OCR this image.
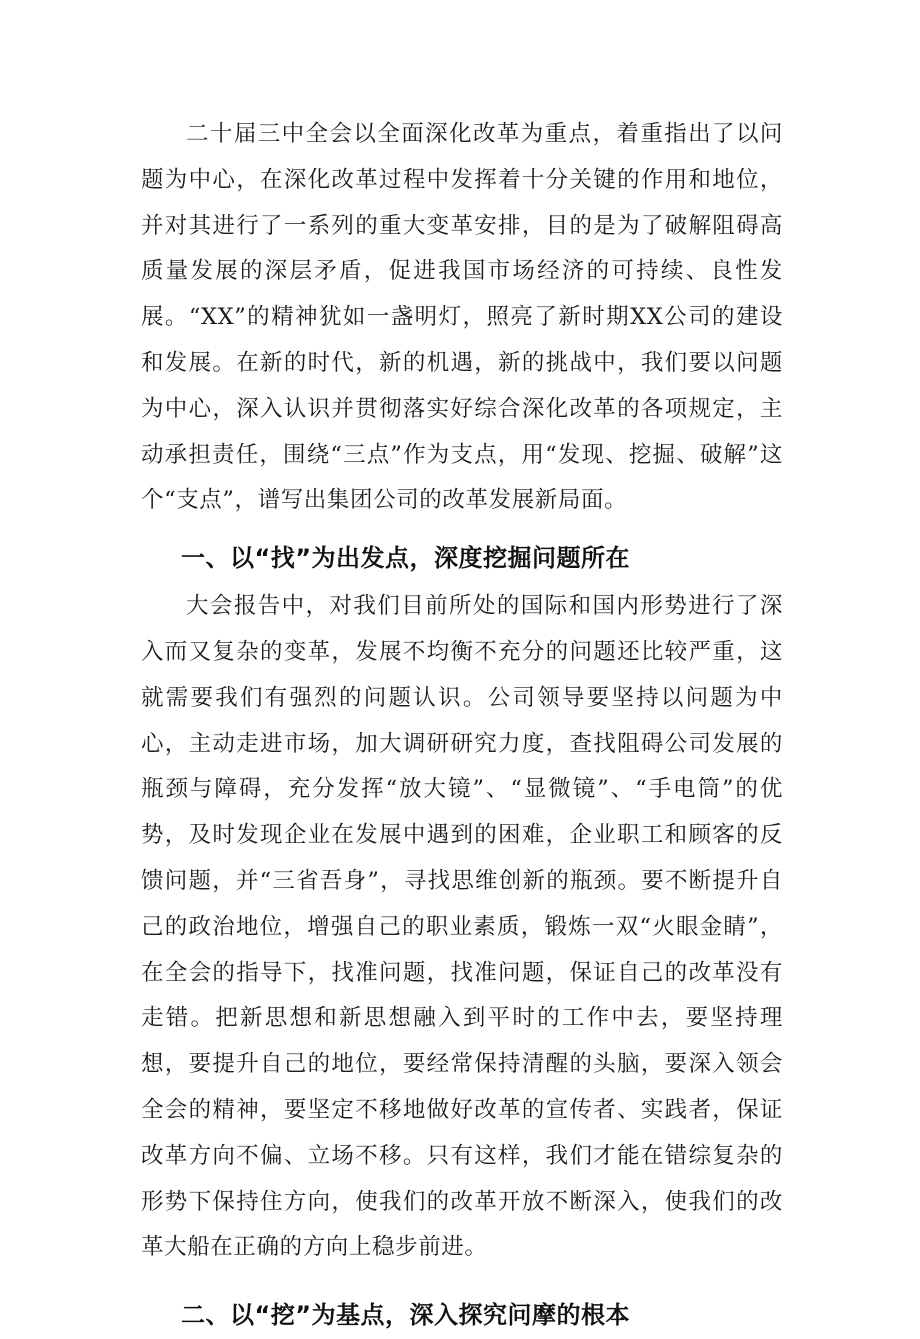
二十届三中全会以全面深化改革为重点，着重指出了以问题为中心，在深化改革过程中发挥着十分关键的作用和地位，并对其进行了一系列的重大变革安排，目的是为了破解阻碍高质量发展的深层矛盾，促进我国市场经济的可持续、良性发展。“XX”的精神犹如一盏明灯，照亮了新时期XX公司的建设和发展。在新的时代，新的机遇，新的挑战中，我们要以问题为中心，深入认识并贯彻落实好综合深化改革的各项规定，主动承担责任，围绕“三点”作为支点，用“发现、挖掘、破解”这个“支点”，谱写出集团公司的改革发展新局面。

一、以“找”为出发点，深度挖掘问题所在

大会报告中，对我们目前所处的国际和国内形势进行了深入而又复杂的变革，发展不均衡不充分的问题还比较严重，这就需要我们有强烈的问题认识。公司领导要坚持以问题为中心，主动走进市场，加大调研研究力度，查找阻碍公司发展的瓶颈与障碍，充分发挥“放大镜”、“显微镜”、“手电筒”的优势，及时发现企业在发展中遇到的困难，企业职工和顾客的反馈问题，并“三省吾身”，寻找思维创新的瓶颈。要不断提升自己的政治地位，增强自己的职业素质，锻炼一双“火眼金睛”，在全会的指导下，找准问题，找准问题，保证自己的改革没有走错。把新思想和新思想融入到平时的工作中去，要坚持理想，要提升自己的地位，要经常保持清醒的头脑，要深入领会全会的精神，要坚定不移地做好改革的宣传者、实践者，保证改革方向不偏、立场不移。只有这样，我们才能在错综复杂的形势下保持住方向，使我们的改革开放不断深入，使我们的改革大船在正确的方向上稳步前进。

二、以“挖”为基点，深入探究问摩的根本
